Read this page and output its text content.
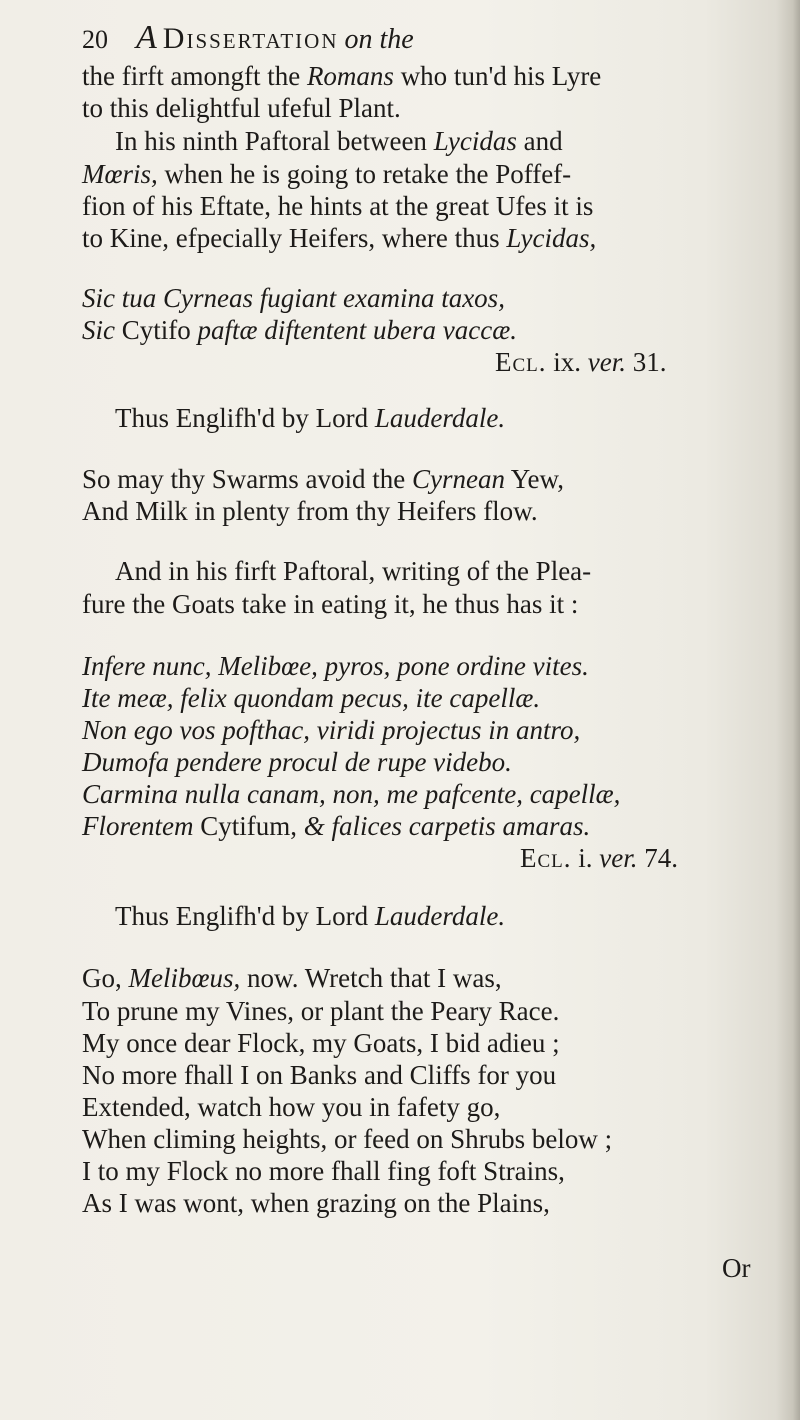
20 A Dissertation on the
the firft amongft the Romans who tun'd his Lyre
to this delightful ufeful Plant.
In his ninth Paftoral between Lycidas and
Mœris, when he is going to retake the Poffef-
fion of his Eftate, he hints at the great Ufes it is
to Kine, efpecially Heifers, where thus Lycidas,
Sic tua Cyrneas fugiant examina taxos,
Sic Cytifo paftæ diftentent ubera vaccæ.
Ecl. ix. ver. 31.
Thus Englifh'd by Lord Lauderdale.
So may thy Swarms avoid the Cyrnean Yew,
And Milk in plenty from thy Heifers flow.
And in his firft Paftoral, writing of the Plea-
fure the Goats take in eating it, he thus has it :
Infere nunc, Melibœe, pyros, pone ordine vites.
Ite meæ, felix quondam pecus, ite capellæ.
Non ego vos pofthac, viridi projectus in antro,
Dumofa pendere procul de rupe videbo.
Carmina nulla canam, non, me pafcente, capellæ,
Florentem Cytifum, & falices carpetis amaras.
Ecl. i. ver. 74.
Thus Englifh'd by Lord Lauderdale.
Go, Melibœus, now. Wretch that I was,
To prune my Vines, or plant the Peary Race.
My once dear Flock, my Goats, I bid adieu ;
No more fhall I on Banks and Cliffs for you
Extended, watch how you in fafety go,
When climing heights, or feed on Shrubs below ;
I to my Flock no more fhall fing foft Strains,
As I was wont, when grazing on the Plains,
Or
